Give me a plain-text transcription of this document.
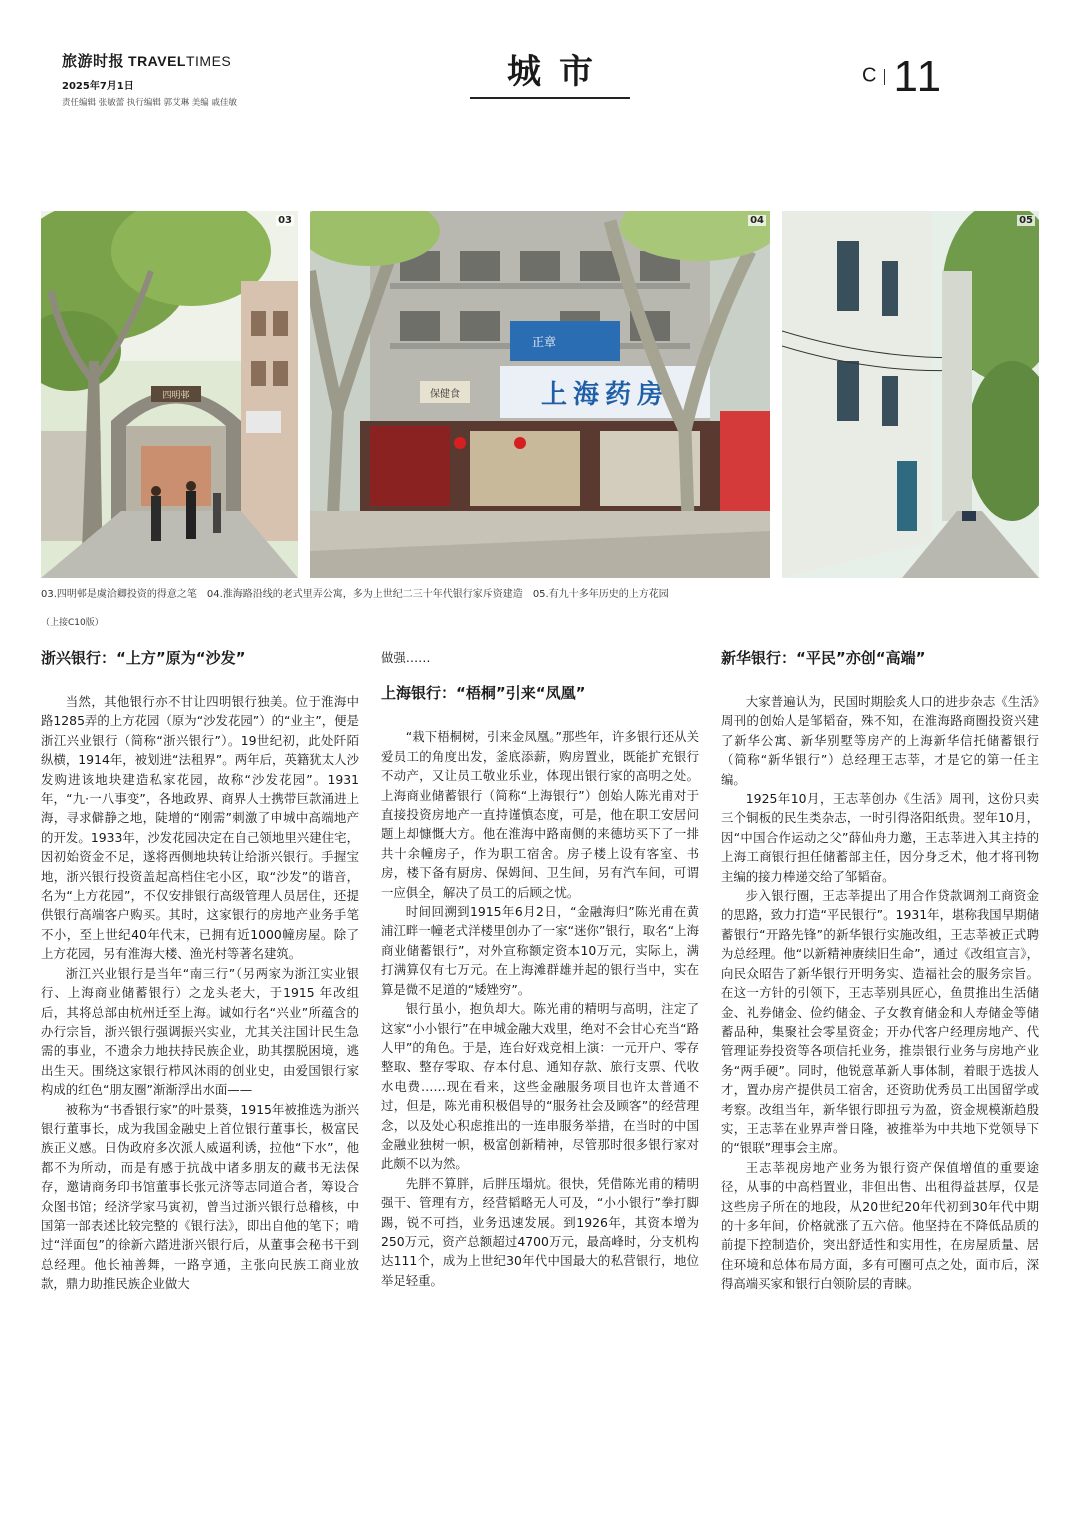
旅游时报 TRAVELTIMES
2025年7月1日
责任编辑 张敏蕾 执行编辑 郭艾琳 美编 戚佳敏
城市	C 11
四明邨
03
正章
上海药房
保健食
04	05
03.四明邨是虞洽卿投资的得意之笔 04.淮海路沿线的老式里弄公寓，多为上世纪二三十年代银行家斥资建造 05.有九十多年历史的上方花园
（上接C10版）
浙兴银行：“上方”原为“沙发”

当然，其他银行亦不甘让四明银行独美。位于淮海中路1285弄的上方花园（原为“沙发花园”）的“业主”，便是浙江兴业银行（简称“浙兴银行”）。19世纪初，此处阡陌纵横，1914年，被划进“法租界”。两年后，英籍犹太人沙发购进该地块建造私家花园，故称“沙发花园”。1931年，“九·一八事变”，各地政界、商界人士携带巨款涌进上海，寻求僻静之地，陡增的“刚需”刺激了申城中高端地产的开发。1933年，沙发花园决定在自己领地里兴建住宅，因初始资金不足，遂将西侧地块转让给浙兴银行。手握宝地，浙兴银行投资盖起高档住宅小区，取“沙发”的谐音，名为“上方花园”，不仅安排银行高级管理人员居住，还提供银行高端客户购买。其时，这家银行的房地产业务手笔不小，至上世纪40年代末，已拥有近1000幢房屋。除了上方花园，另有淮海大楼、渔光村等著名建筑。

浙江兴业银行是当年“南三行”（另两家为浙江实业银行、上海商业储蓄银行）之龙头老大，于1915 年改组后，其将总部由杭州迁至上海。诚如行名“兴业”所蕴含的办行宗旨，浙兴银行强调振兴实业，尤其关注国计民生急需的事业，不遗余力地扶持民族企业，助其摆脱困境，逃出生天。围绕这家银行栉风沐雨的创业史，由爱国银行家构成的红色“朋友圈”渐渐浮出水面——

被称为“书香银行家”的叶景葵，1915年被推选为浙兴银行董事长，成为我国金融史上首位银行董事长，极富民族正义感。日伪政府多次派人威逼利诱，拉他“下水”，他都不为所动，而是有感于抗战中诸多朋友的藏书无法保存，邀请商务印书馆董事长张元济等志同道合者，筹设合众图书馆；经济学家马寅初，曾当过浙兴银行总稽核，中国第一部表述比较完整的《银行法》，即出自他的笔下；啃过“洋面包”的徐新六踏进浙兴银行后，从董事会秘书干到总经理。他长袖善舞，一路亨通，主张向民族工商业放款，鼎力助推民族企业做大

做强……

上海银行：“梧桐”引来“凤凰”

“栽下梧桐树，引来金凤凰。”那些年，许多银行还从关爱员工的角度出发，釜底添薪，购房置业，既能扩充银行不动产，又让员工敬业乐业，体现出银行家的高明之处。上海商业储蓄银行（简称“上海银行”）创始人陈光甫对于直接投资房地产一直持谨慎态度，可是，他在职工安居问题上却慷慨大方。他在淮海中路南侧的来德坊买下了一排共十余幢房子，作为职工宿舍。房子楼上设有客室、书房，楼下备有厨房、保姆间、卫生间，另有汽车间，可谓一应俱全，解决了员工的后顾之忧。

时间回溯到1915年6月2日，“金融海归”陈光甫在黄浦江畔一幢老式洋楼里创办了一家“迷你”银行，取名“上海商业储蓄银行”，对外宣称额定资本10万元，实际上，满打满算仅有七万元。在上海滩群雄并起的银行当中，实在算是微不足道的“矮矬穷”。

银行虽小，抱负却大。陈光甫的精明与高明，注定了这家“小小银行”在申城金融大戏里，绝对不会甘心充当“路人甲”的角色。于是，连台好戏竞相上演：一元开户、零存整取、整存零取、存本付息、通知存款、旅行支票、代收水电费……现在看来，这些金融服务项目也许太普通不过，但是，陈光甫积极倡导的“服务社会及顾客”的经营理念，以及处心积虑推出的一连串服务举措，在当时的中国金融业独树一帜，极富创新精神，尽管那时很多银行家对此颇不以为然。

先胖不算胖，后胖压塌炕。很快，凭借陈光甫的精明强干、管理有方，经营韬略无人可及，“小小银行”拳打脚踢，锐不可挡，业务迅速发展。到1926年，其资本增为250万元，资产总额超过4700万元，最高峰时，分支机构达111个，成为上世纪30年代中国最大的私营银行，地位举足轻重。

新华银行：“平民”亦创“高端”

大家普遍认为，民国时期脍炙人口的进步杂志《生活》周刊的创始人是邹韬奋，殊不知，在淮海路商圈投资兴建了新华公寓、新华别墅等房产的上海新华信托储蓄银行（简称“新华银行”）总经理王志莘，才是它的第一任主编。

1925年10月，王志莘创办《生活》周刊，这份只卖三个铜板的民生类杂志，一时引得洛阳纸贵。翌年10月，因“中国合作运动之父”薛仙舟力邀，王志莘进入其主持的上海工商银行担任储蓄部主任，因分身乏术，他才将刊物主编的接力棒递交给了邹韬奋。

步入银行圈，王志莘提出了用合作贷款调剂工商资金的思路，致力打造“平民银行”。1931年，堪称我国早期储蓄银行“开路先锋”的新华银行实施改组，王志莘被正式聘为总经理。他“以新精神赓续旧生命”，通过《改组宣言》，向民众昭告了新华银行开明务实、造福社会的服务宗旨。在这一方针的引领下，王志莘别具匠心，鱼贯推出生活储金、礼券储金、俭约储金、子女教育储金和人寿储金等储蓄品种，集聚社会零星资金；开办代客户经理房地产、代管理证券投资等各项信托业务，推崇银行业务与房地产业务“两手硬”。同时，他锐意革新人事体制，着眼于选拔人才，置办房产提供员工宿舍，还资助优秀员工出国留学或考察。改组当年，新华银行即扭亏为盈，资金规模渐趋殷实，王志莘在业界声誉日隆，被推举为中共地下党领导下的“银联”理事会主席。

王志莘视房地产业务为银行资产保值增值的重要途径，从事的中高档置业，非但出售、出租得益甚厚，仅是这些房子所在的地段，从20世纪20年代初到30年代中期的十多年间，价格就涨了五六倍。他坚持在不降低品质的前提下控制造价，突出舒适性和实用性，在房屋质量、居住环境和总体布局方面，多有可圈可点之处，面市后，深得高端买家和银行白领阶层的青睐。
